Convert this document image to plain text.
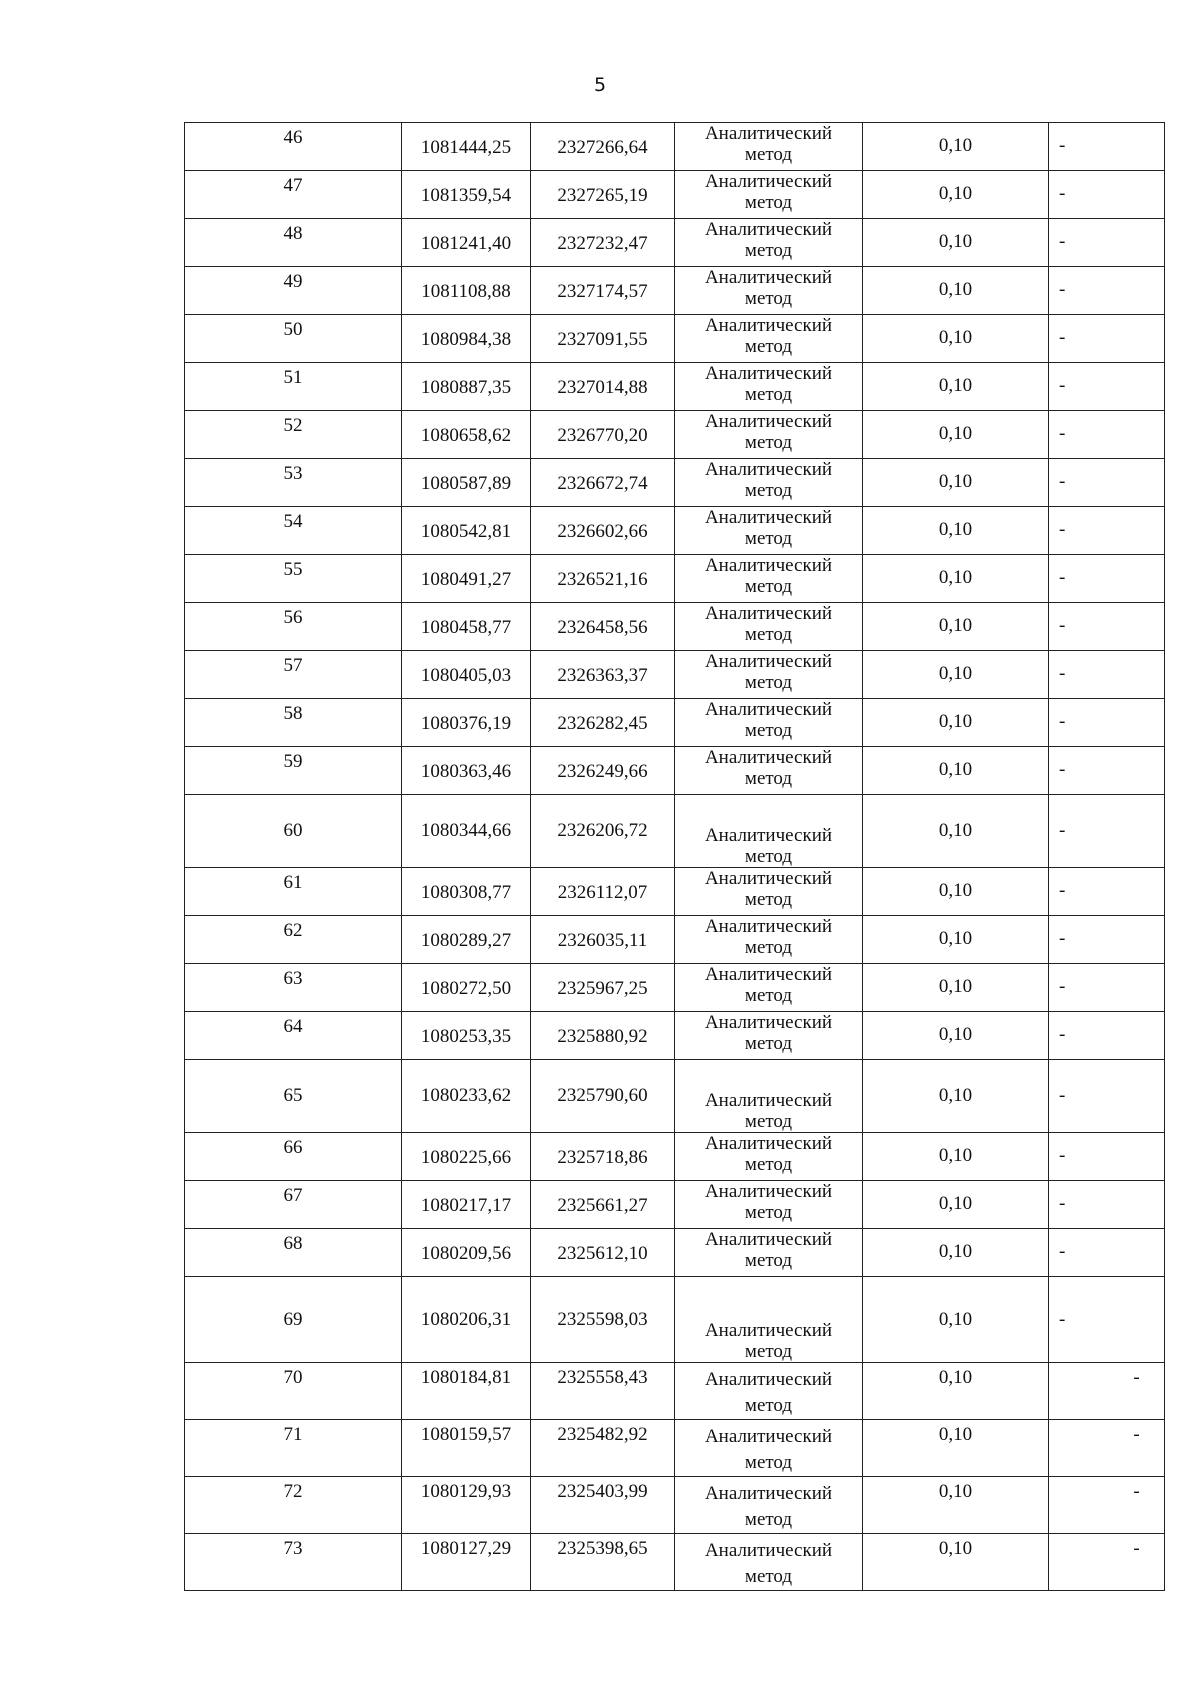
5
46	1081444,25	2327266,64	Аналитический
метод	0,10	-
47	1081359,54	2327265,19	Аналитический
метод	0,10	-
48	1081241,40	2327232,47	Аналитический
метод	0,10	-
49	1081108,88	2327174,57	Аналитический
метод	0,10	-
50	1080984,38	2327091,55	Аналитический
метод	0,10	-
51	1080887,35	2327014,88	Аналитический
метод	0,10	-
52	1080658,62	2326770,20	Аналитический
метод	0,10	-
53	1080587,89	2326672,74	Аналитический
метод	0,10	-
54	1080542,81	2326602,66	Аналитический
метод	0,10	-
55	1080491,27	2326521,16	Аналитический
метод	0,10	-
56	1080458,77	2326458,56	Аналитический
метод	0,10	-
57	1080405,03	2326363,37	Аналитический
метод	0,10	-
58	1080376,19	2326282,45	Аналитический
метод	0,10	-
59	1080363,46	2326249,66	Аналитический
метод	0,10	-
60	1080344,66	2326206,72	Аналитический
метод	0,10	-
61	1080308,77	2326112,07	Аналитический
метод	0,10	-
62	1080289,27	2326035,11	Аналитический
метод	0,10	-
63	1080272,50	2325967,25	Аналитический
метод	0,10	-
64	1080253,35	2325880,92	Аналитический
метод	0,10	-
65	1080233,62	2325790,60	Аналитический
метод	0,10	-
66	1080225,66	2325718,86	Аналитический
метод	0,10	-
67	1080217,17	2325661,27	Аналитический
метод	0,10	-
68	1080209,56	2325612,10	Аналитический
метод	0,10	-
69	1080206,31	2325598,03	Аналитический
метод	0,10	-
70	1080184,81	2325558,43	Аналитический
метод	0,10	-
71	1080159,57	2325482,92	Аналитический
метод	0,10	-
72	1080129,93	2325403,99	Аналитический
метод	0,10	-
73	1080127,29	2325398,65	Аналитический
метод	0,10	-
